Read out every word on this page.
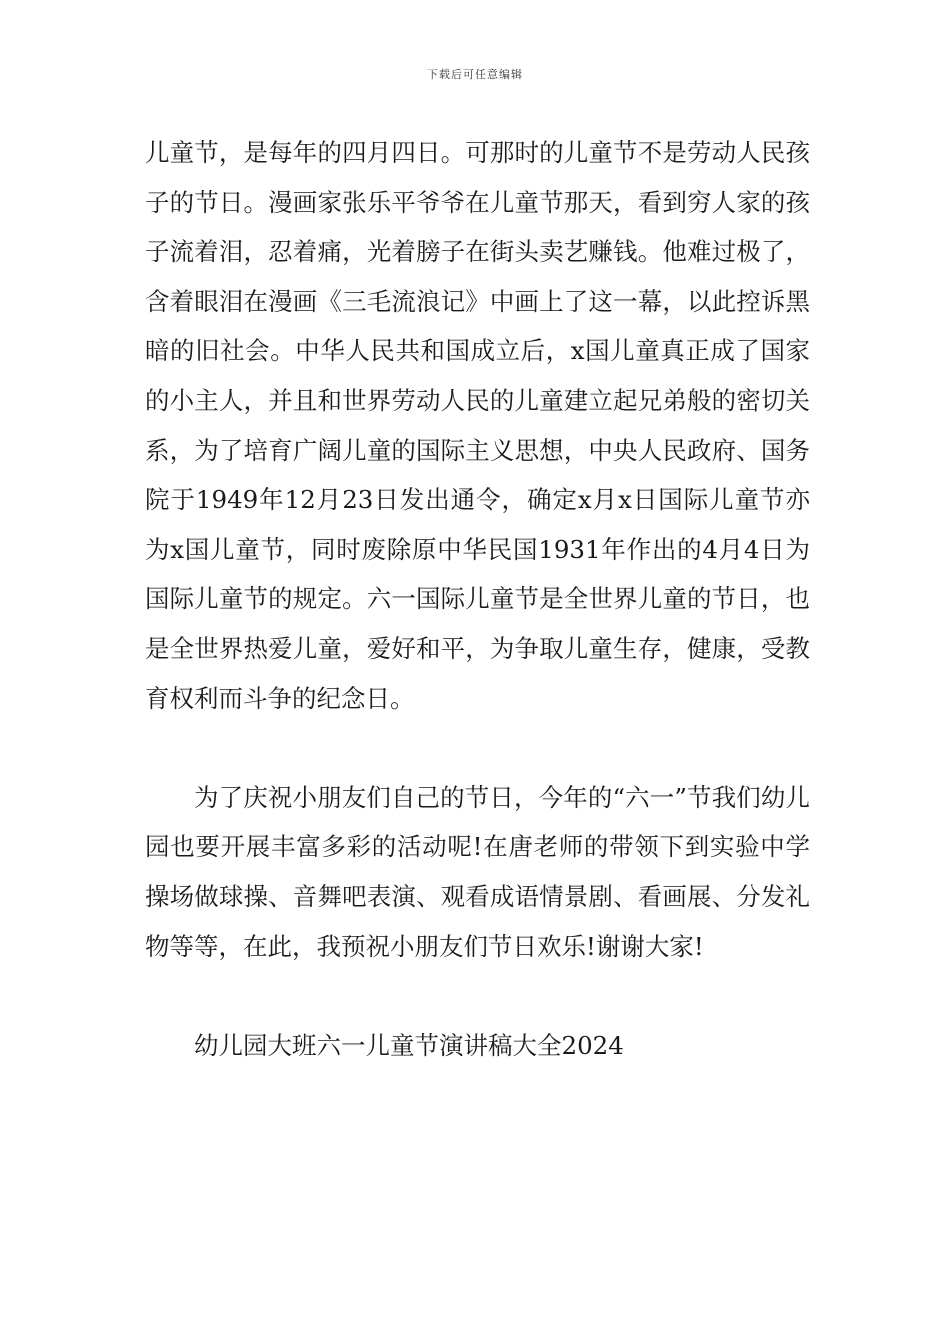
下载后可任意编辑

儿童节，是每年的四月四日。可那时的儿童节不是劳动人民孩子的节日。漫画家张乐平爷爷在儿童节那天，看到穷人家的孩子流着泪，忍着痛，光着膀子在街头卖艺赚钱。他难过极了，含着眼泪在漫画《三毛流浪记》中画上了这一幕，以此控诉黑暗的旧社会。中华人民共和国成立后，x国儿童真正成了国家的小主人，并且和世界劳动人民的儿童建立起兄弟般的密切关系，为了培育广阔儿童的国际主义思想，中央人民政府、国务院于1949年12月23日发出通令，确定x月x日国际儿童节亦为x国儿童节，同时废除原中华民国1931年作出的4月4日为国际儿童节的规定。六一国际儿童节是全世界儿童的节日，也是全世界热爱儿童，爱好和平，为争取儿童生存，健康，受教育权利而斗争的纪念日。

为了庆祝小朋友们自己的节日，今年的“六一”节我们幼儿园也要开展丰富多彩的活动呢!在唐老师的带领下到实验中学操场做球操、音舞吧表演、观看成语情景剧、看画展、分发礼物等等，在此，我预祝小朋友们节日欢乐!谢谢大家!

幼儿园大班六一儿童节演讲稿大全2024
